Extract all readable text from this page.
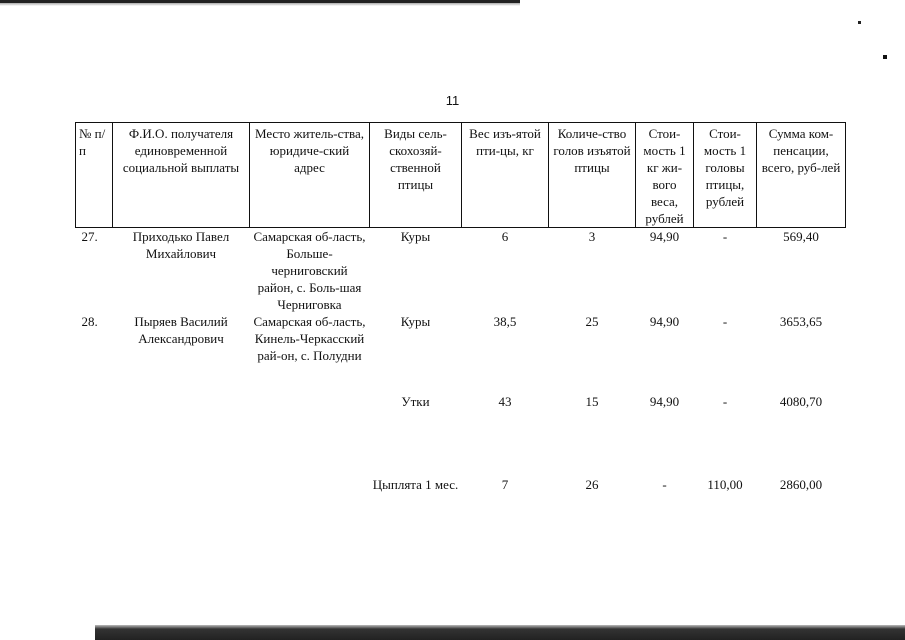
11
№ п/п	Ф.И.О. получателя единовременной социальной выплаты	Место житель-ства, юридиче-ский адрес	Виды сель-скохозяй-ственной птицы	Вес изъ-ятой пти-цы, кг	Количе-ство голов изъятой птицы	Стои-мость 1 кг жи-вого веса, рублей	Стои-мость 1 головы птицы, рублей	Сумма ком-пенсации, всего, руб-лей
27.	Приходько Павел Михайлович	Самарская об-ласть, Больше-черниговский район, с. Боль-шая Черниговка	Куры	6	3	94,90	-	569,40
28.	Пыряев Василий Александрович	Самарская об-ласть, Кинель-Черкасский рай-он, с. Полудни	Куры	38,5	25	94,90	-	3653,65
			Утки	43	15	94,90	-	4080,70
			Цыплята 1 мес.	7	26	-	110,00	2860,00
